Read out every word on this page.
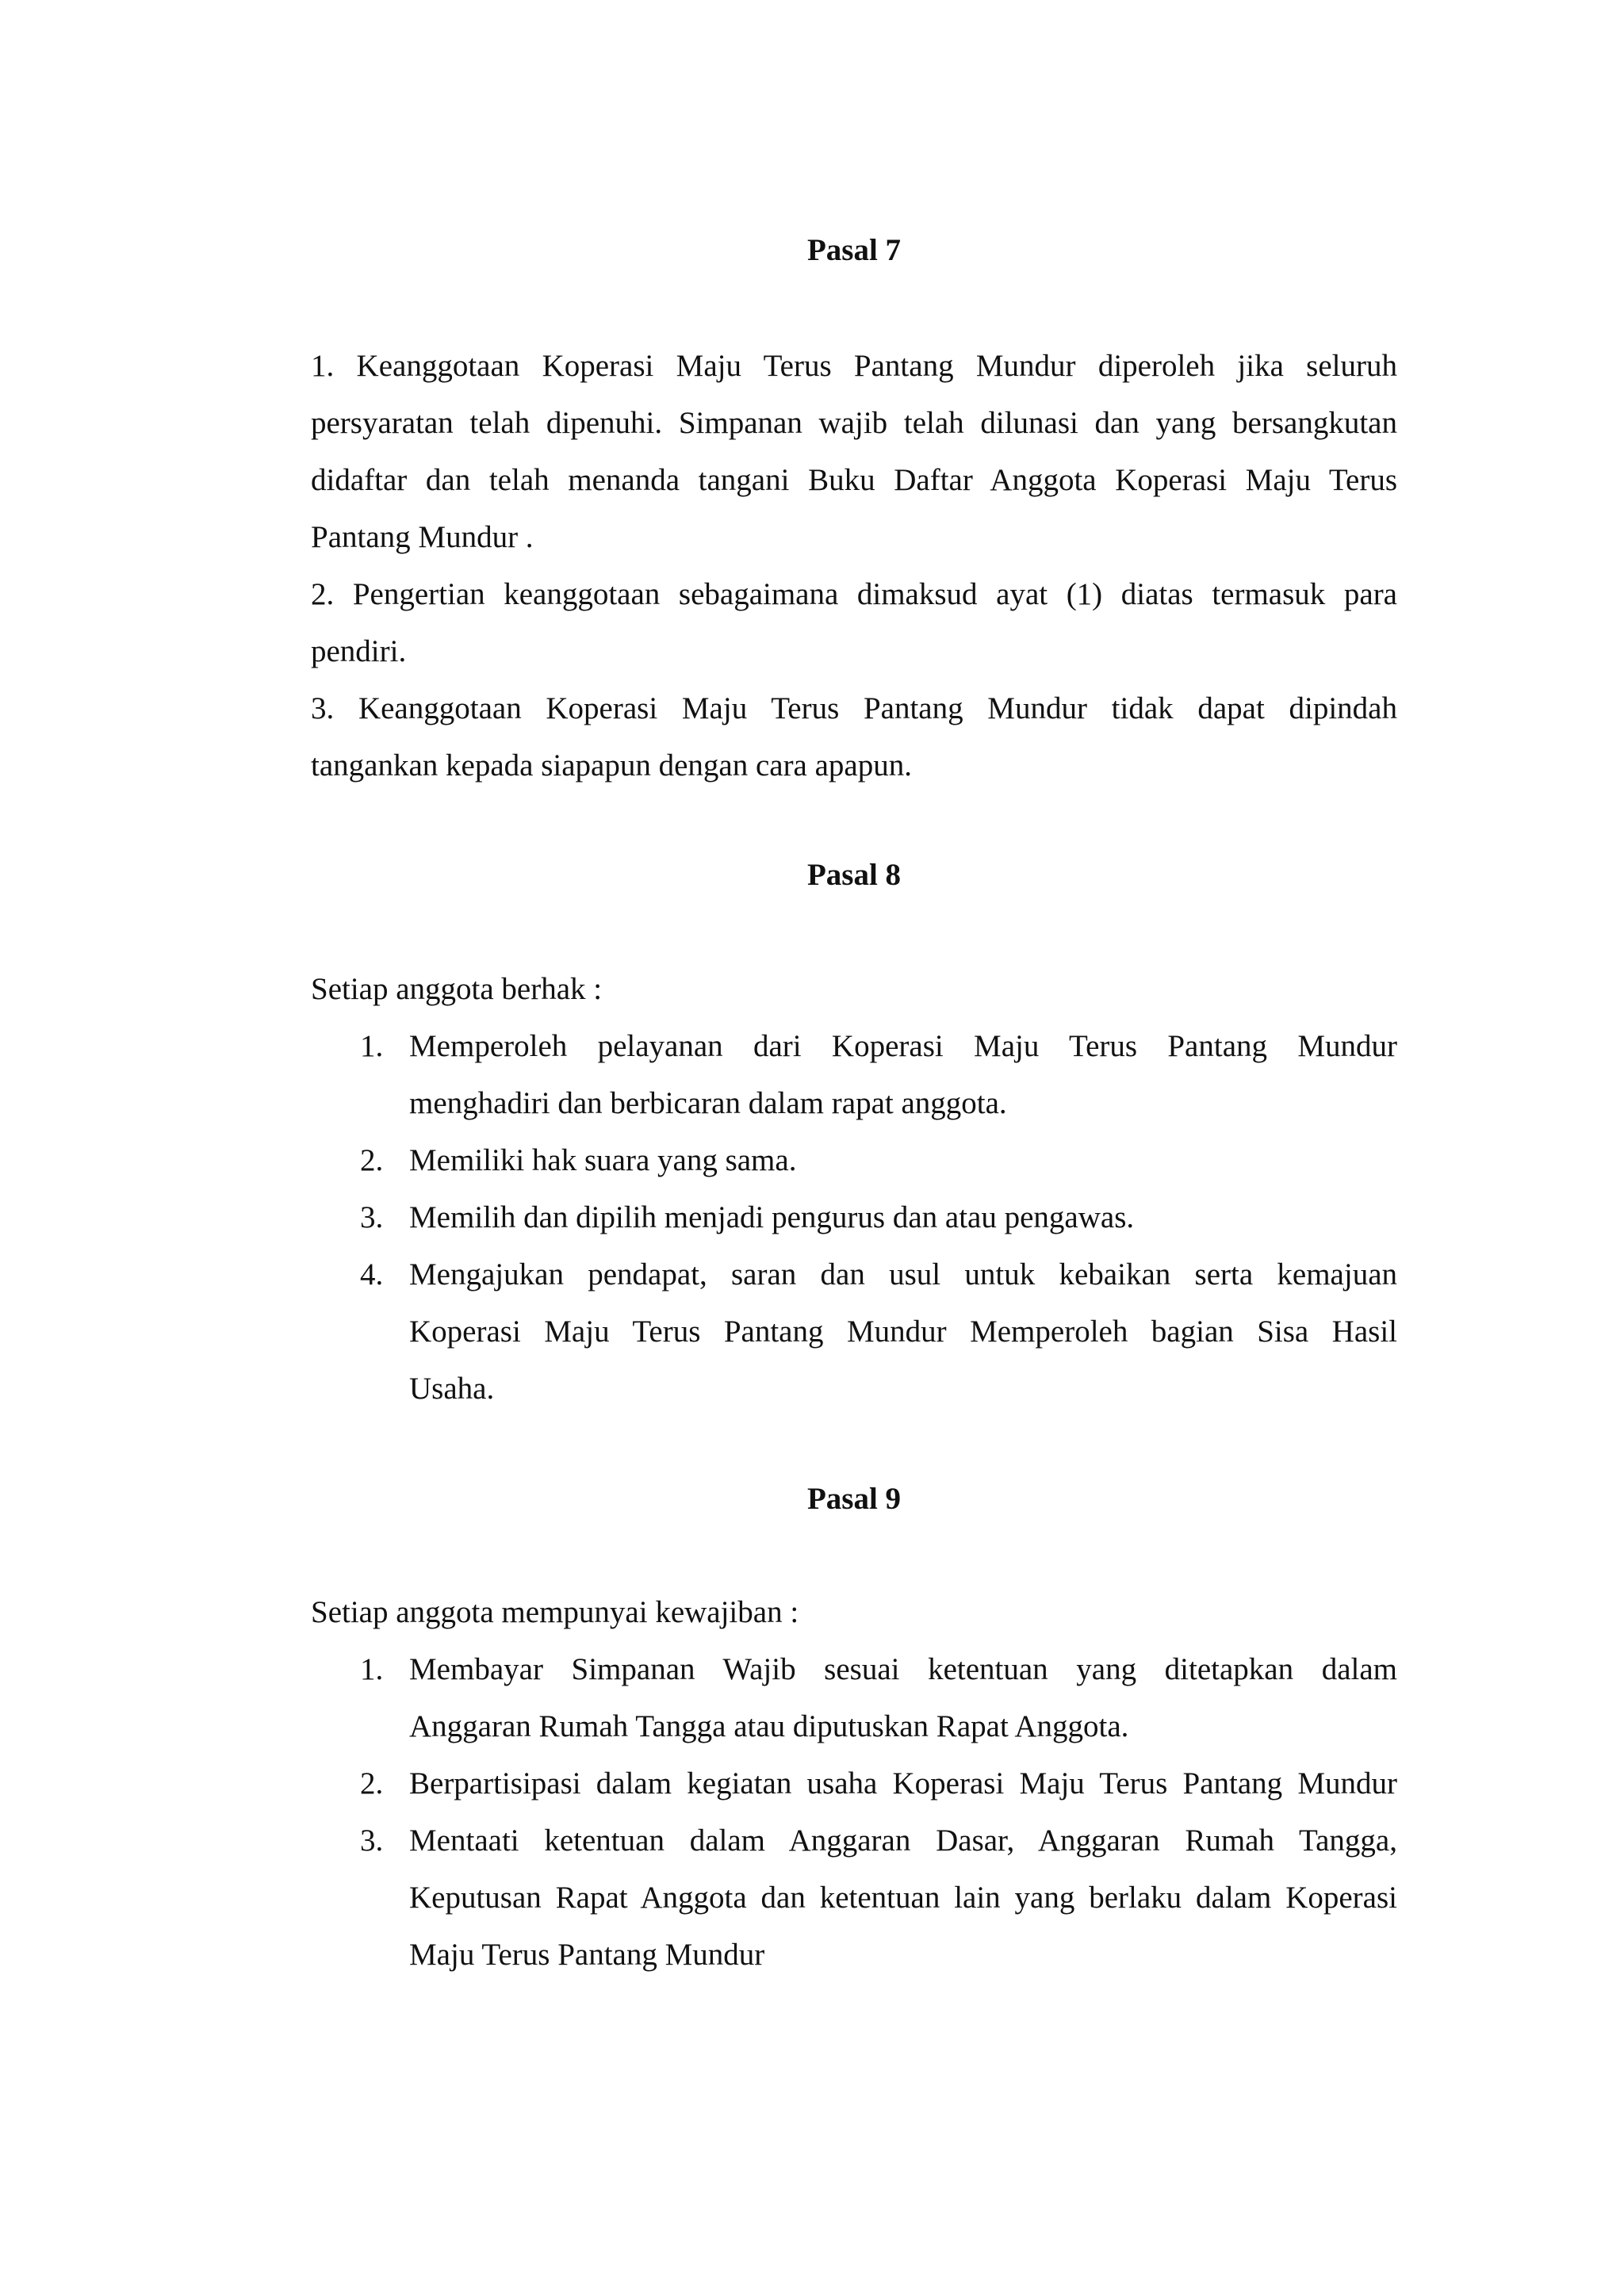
Pasal 7
1. Keanggotaan Koperasi Maju Terus Pantang Mundur diperoleh jika seluruh
persyaratan telah dipenuhi. Simpanan wajib telah dilunasi dan yang bersangkutan
didaftar dan telah menanda tangani Buku Daftar Anggota Koperasi Maju Terus
Pantang Mundur .
2. Pengertian keanggotaan sebagaimana dimaksud ayat (1) diatas termasuk para
pendiri.
3. Keanggotaan Koperasi Maju Terus Pantang Mundur tidak dapat dipindah
tangankan kepada siapapun dengan cara apapun.
Pasal 8
Setiap anggota berhak :
1. Memperoleh pelayanan dari Koperasi Maju Terus Pantang Mundur
menghadiri dan berbicaran dalam rapat anggota.
2. Memiliki hak suara yang sama.
3. Memilih dan dipilih menjadi pengurus dan atau pengawas.
4. Mengajukan pendapat, saran dan usul untuk kebaikan serta kemajuan
Koperasi Maju Terus Pantang Mundur Memperoleh bagian Sisa Hasil
Usaha.
Pasal 9
Setiap anggota mempunyai kewajiban :
1. Membayar Simpanan Wajib sesuai ketentuan yang ditetapkan dalam
Anggaran Rumah Tangga atau diputuskan Rapat Anggota.
2. Berpartisipasi dalam kegiatan usaha Koperasi Maju Terus Pantang Mundur
3. Mentaati ketentuan dalam Anggaran Dasar, Anggaran Rumah Tangga,
Keputusan Rapat Anggota dan ketentuan lain yang berlaku dalam Koperasi
Maju Terus Pantang Mundur
